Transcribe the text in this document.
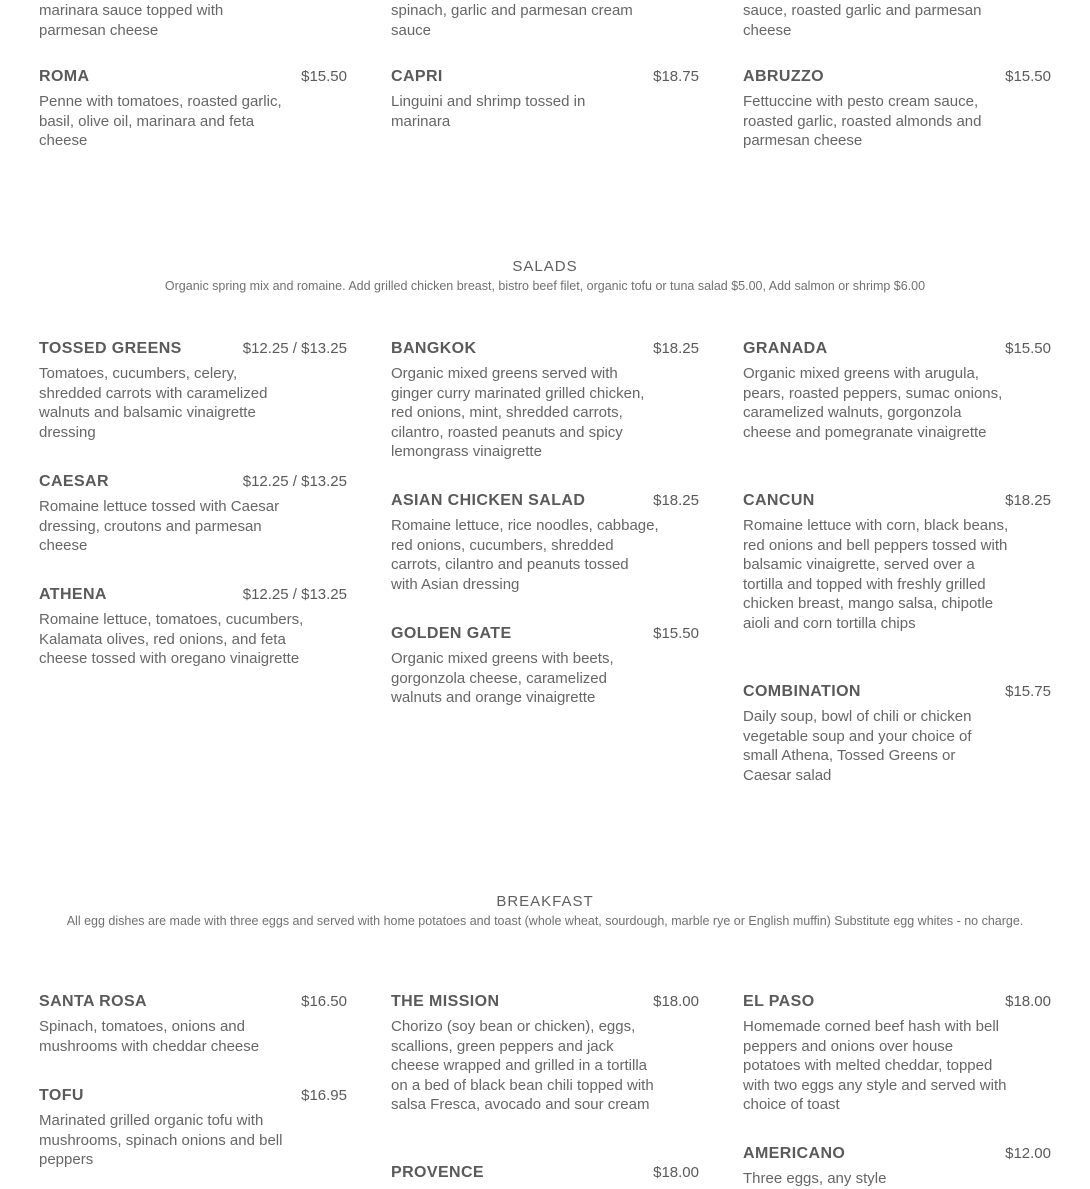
marinara sauce topped with parmesan cheese
spinach, garlic and parmesan cream sauce
sauce, roasted garlic and parmesan cheese
ROMA	$15.50
Penne with tomatoes, roasted garlic, basil, olive oil, marinara and feta cheese
CAPRI	$18.75
Linguini and shrimp tossed in marinara
ABRUZZO	$15.50
Fettuccine with pesto cream sauce, roasted garlic, roasted almonds and parmesan cheese
SALADS
Organic spring mix and romaine. Add grilled chicken breast, bistro beef filet, organic tofu or tuna salad $5.00, Add salmon or shrimp $6.00
TOSSED GREENS	$12.25 / $13.25
Tomatoes, cucumbers, celery, shredded carrots with caramelized walnuts and balsamic vinaigrette dressing
CAESAR	$12.25 / $13.25
Romaine lettuce tossed with Caesar dressing, croutons and parmesan cheese
ATHENA	$12.25 / $13.25
Romaine lettuce, tomatoes, cucumbers, Kalamata olives, red onions, and feta cheese tossed with oregano vinaigrette
BANGKOK	$18.25
Organic mixed greens served with ginger curry marinated grilled chicken, red onions, mint, shredded carrots, cilantro, roasted peanuts and spicy lemongrass vinaigrette
ASIAN CHICKEN SALAD	$18.25
Romaine lettuce, rice noodles, cabbage, red onions, cucumbers, shredded carrots, cilantro and peanuts tossed with Asian dressing
GOLDEN GATE	$15.50
Organic mixed greens with beets, gorgonzola cheese, caramelized walnuts and orange vinaigrette
GRANADA	$15.50
Organic mixed greens with arugula, pears, roasted peppers, sumac onions, caramelized walnuts, gorgonzola cheese and pomegranate vinaigrette
CANCUN	$18.25
Romaine lettuce with corn, black beans, red onions and bell peppers tossed with balsamic vinaigrette, served over a tortilla and topped with freshly grilled chicken breast, mango salsa, chipotle aioli and corn tortilla chips
COMBINATION	$15.75
Daily soup, bowl of chili or chicken vegetable soup and your choice of small Athena, Tossed Greens or Caesar salad
BREAKFAST
All egg dishes are made with three eggs and served with home potatoes and toast (whole wheat, sourdough, marble rye or English muffin) Substitute egg whites - no charge.
SANTA ROSA	$16.50
Spinach, tomatoes, onions and mushrooms with cheddar cheese
TOFU	$16.95
Marinated grilled organic tofu with mushrooms, spinach onions and bell peppers
THE MISSION	$18.00
Chorizo (soy bean or chicken), eggs, scallions, green peppers and jack cheese wrapped and grilled in a tortilla on a bed of black bean chili topped with salsa Fresca, avocado and sour cream
PROVENCE	$18.00
EL PASO	$18.00
Homemade corned beef hash with bell peppers and onions over house potatoes with melted cheddar, topped with two eggs any style and served with choice of toast
AMERICANO	$12.00
Three eggs, any style
